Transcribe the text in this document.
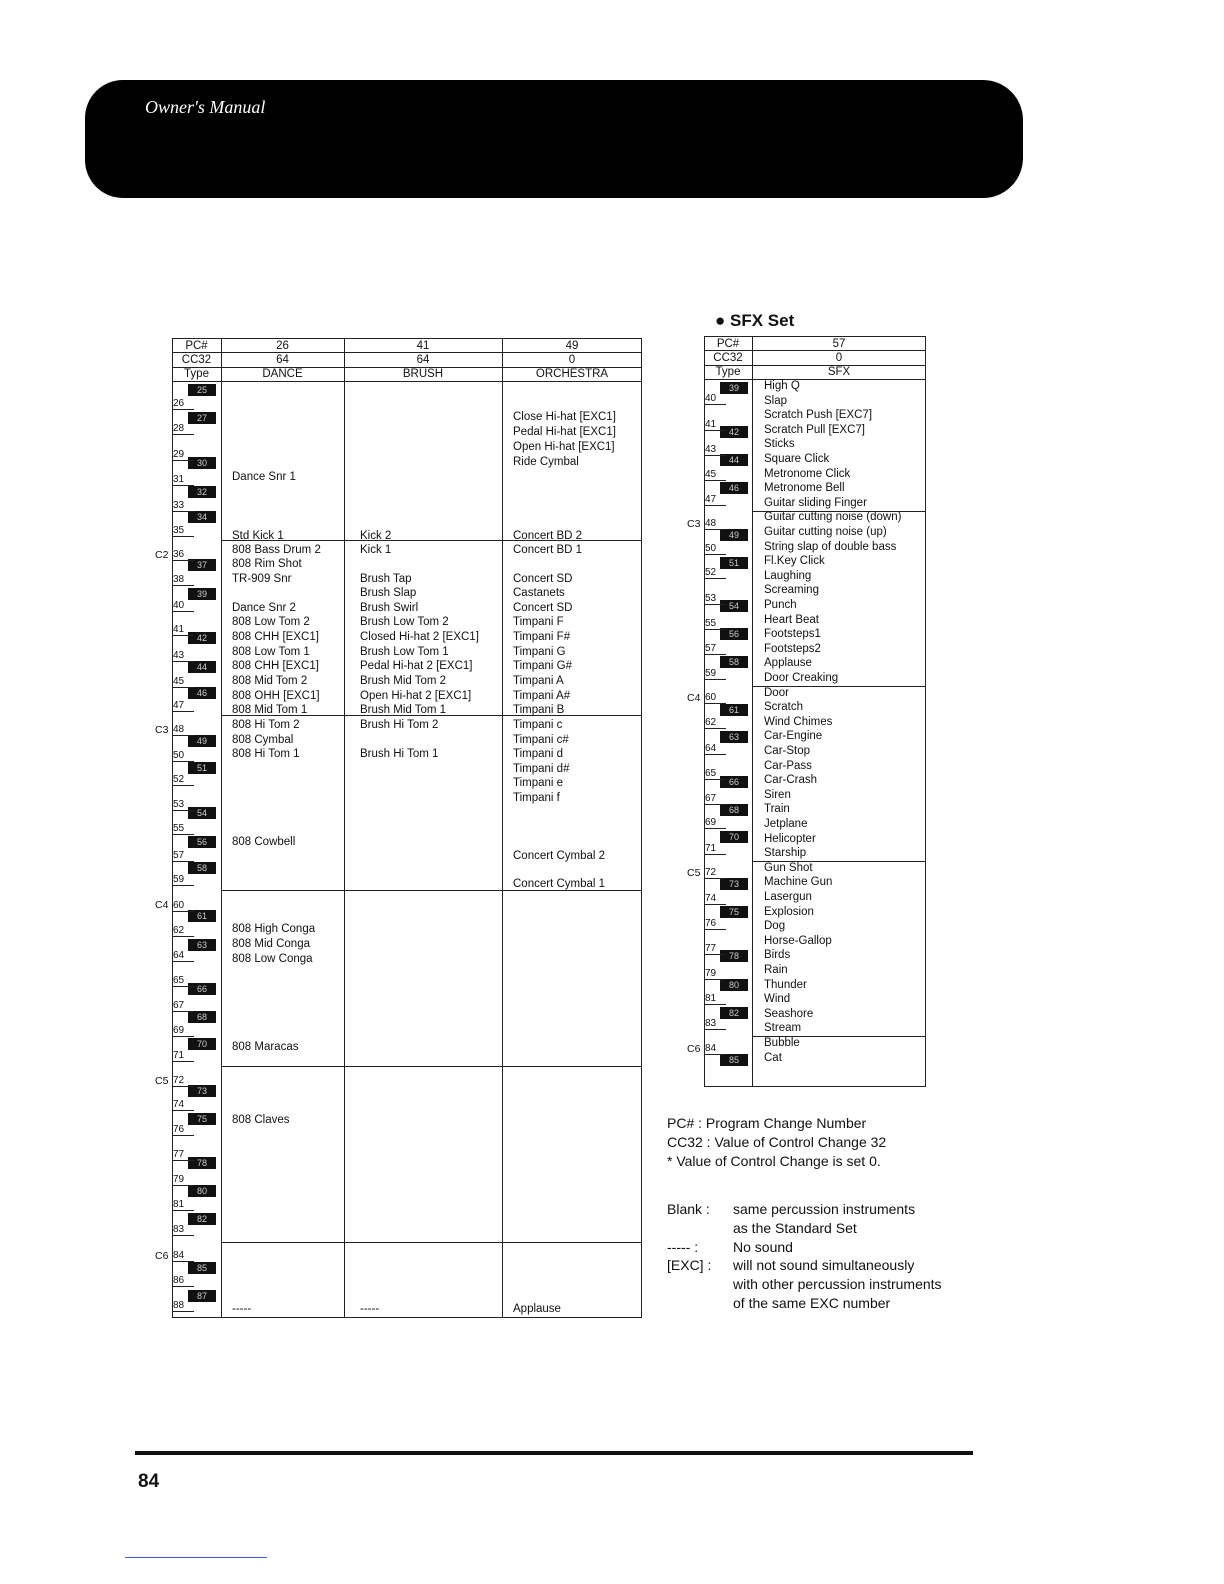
Owner's Manual
PC#
CC32
Type
26
64
DANCE
41
64
BRUSH
49
0
ORCHESTRA
25
27
30
32
34
37
39
42
44
46
49
51
54
56
58
61
63
66
68
70
73
75
78
80
82
85
87
26
28
29
31
33
35
36
38
40
41
43
45
47
48
50
52
53
55
57
59
60
62
64
65
67
69
71
72
74
76
77
79
81
83
84
86
88
C2
C3
C4
C5
C6
Dance Snr 1
Std Kick 1
808 Bass Drum 2
808 Rim Shot
TR-909 Snr
Dance Snr 2
808 Low Tom 2
808 CHH [EXC1]
808 Low Tom 1
808 CHH [EXC1]
808 Mid Tom 2
808 OHH [EXC1]
808 Mid Tom 1
808 Hi Tom 2
808 Cymbal
808 Hi Tom 1
808 Cowbell
808 High Conga
808 Mid Conga
808 Low Conga
808 Maracas
808 Claves
-----
Kick 2
Kick 1
Brush Tap
Brush Slap
Brush Swirl
Brush Low Tom 2
Closed Hi-hat 2 [EXC1]
Brush Low Tom 1
Pedal Hi-hat 2 [EXC1]
Brush Mid Tom 2
Open Hi-hat 2 [EXC1]
Brush Mid Tom 1
Brush Hi Tom 2
Brush Hi Tom 1
-----
Close Hi-hat [EXC1]
Pedal Hi-hat [EXC1]
Open Hi-hat [EXC1]
Ride Cymbal
Concert BD 2
Concert BD 1
Concert SD
Castanets
Concert SD
Timpani F
Timpani F#
Timpani G
Timpani G#
Timpani A
Timpani A#
Timpani B
Timpani c
Timpani c#
Timpani d
Timpani d#
Timpani e
Timpani f
Concert Cymbal 2
Concert Cymbal 1
Applause
● SFX Set
PC#
CC32
Type
57
0
SFX
39
42
44
46
49
51
54
56
58
61
63
66
68
70
73
75
78
80
82
85
40
41
43
45
47
48
50
52
53
55
57
59
60
62
64
65
67
69
71
72
74
76
77
79
81
83
84
C3
C4
C5
C6
High Q
Slap
Scratch Push [EXC7]
Scratch Pull [EXC7]
Sticks
Square Click
Metronome Click
Metronome Bell
Guitar sliding Finger
Guitar cutting noise (down)
Guitar cutting noise (up)
String slap of double bass
Fl.Key Click
Laughing
Screaming
Punch
Heart Beat
Footsteps1
Footsteps2
Applause
Door Creaking
Door
Scratch
Wind Chimes
Car-Engine
Car-Stop
Car-Pass
Car-Crash
Siren
Train
Jetplane
Helicopter
Starship
Gun Shot
Machine Gun
Lasergun
Explosion
Dog
Horse-Gallop
Birds
Rain
Thunder
Wind
Seashore
Stream
Bubble
Cat
PC# : Program Change Number
CC32 : Value of Control Change 32
* Value of Control Change is set 0.
Blank : same percussion instruments
as the Standard Set
----- : No sound
[EXC] : will not sound simultaneously
with other percussion instruments
of the same EXC number
84
